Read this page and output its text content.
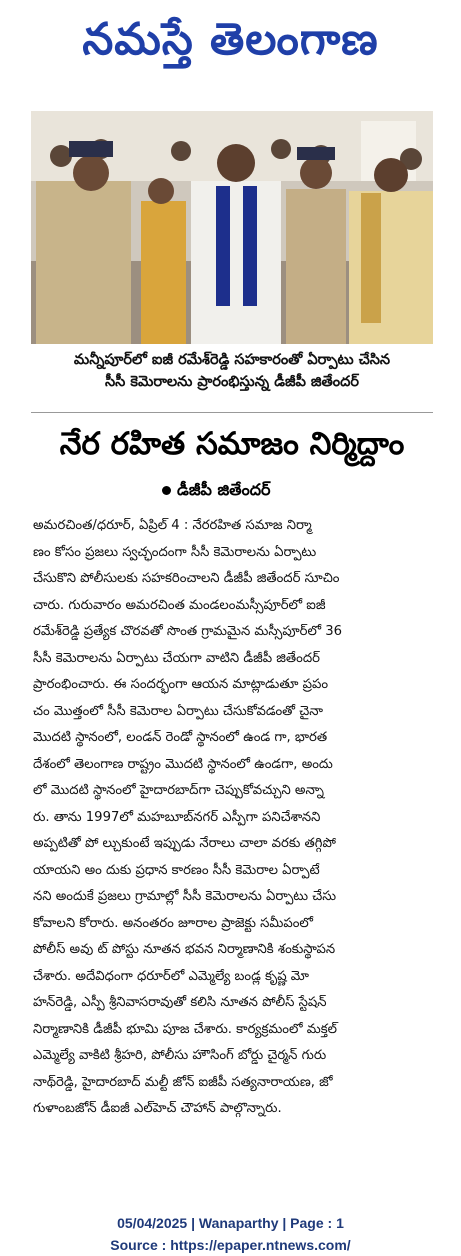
నమస్తే తెలంగాణ
మన్నీపూర్‌లో ఐజీ రమేశ్‌రెడ్డి సహకారంతో ఏర్పాటు చేసిన
సీసీ కెమెరాలను ప్రారంభిస్తున్న డీజీపీ జితేందర్
నేర రహిత సమాజం నిర్మిద్దాం
డీజీపీ జితేందర్
అమరచింత/ధరూర్, ఏప్రిల్ 4 : నేరరహిత సమాజ నిర్మా
ణం కోసం ప్రజలు స్వచ్ఛందంగా సీసీ కెమెరాలను ఏర్పాటు
చేసుకొని పోలీసులకు సహకరించాలని డీజీపీ జితేందర్ సూచిం
చారు. గురువారం అమరచింత మండలంమస్సీపూర్‌లో ఐజీ
రమేశ్‌రెడ్డి ప్రత్యేక చొరవతో సొంత గ్రామమైన మస్సీపూర్‌లో 36
సీసీ కెమెరాలను ఏర్పాటు చేయగా వాటిని డీజీపీ జితేందర్
ప్రారంభించారు. ఈ సందర్భంగా ఆయన మాట్లాడుతూ ప్రపం
చం మొత్తంలో సీసీ కెమెరాల ఏర్పాటు చేసుకోవడంతో చైనా
మొదటి స్థానంలో, లండన్ రెండో స్థానంలో ఉండ గా, భారత
దేశంలో తెలంగాణ రాష్ట్రం మొదటి స్థానంలో ఉండగా, అందు
లో మొదటి స్థానంలో హైదారబాద్‌గా చెప్పుకోవచ్చుని అన్నా
రు. తాను 1997లో మహబూబ్‌నగర్ ఎస్పీగా పనిచేశానని
అప్పటితో పో ల్చుకుంటే ఇప్పుడు నేరాలు చాలా వరకు తగ్గిపో
యాయని అం దుకు ప్రధాన కారణం సీసీ కెమెరాల ఏర్పాటే
నని అందుకే ప్రజలు గ్రామాల్లో సీసీ కెమెరాలను ఏర్పాటు చేసు
కోవాలని కోరారు. అనంతరం జూరాల ప్రాజెక్టు సమీపంలో
పోలీస్ అవు ట్ పోస్టు నూతన భవన నిర్మాణానికి శంకుస్థాపన
చేశారు. అదేవిధంగా ధరూర్‌లో ఎమ్మెల్యే బండ్ల కృష్ణ మో
హన్‌రెడ్డి, ఎస్పీ శ్రీనివాసరావుతో కలిసి నూతన పోలీస్ స్టేషన్
నిర్మాణానికి డీజీపీ భూమి పూజ చేశారు. కార్యక్రమంలో మక్తల్
ఎమ్మెల్యే వాకిటి శ్రీహరి, పోలీసు హౌసింగ్ బోర్డు చైర్మన్ గురు
నాథ్‌రెడ్డి, హైదారబాద్ మల్టీ జోన్ ఐజీపీ సత్యనారాయణ, జో
గుళాంబజోన్ డీఐజీ ఎల్‌హెచ్ చౌహాన్ పాల్గొన్నారు.
05/04/2025 | Wanaparthy | Page : 1
Source : https://epaper.ntnews.com/
